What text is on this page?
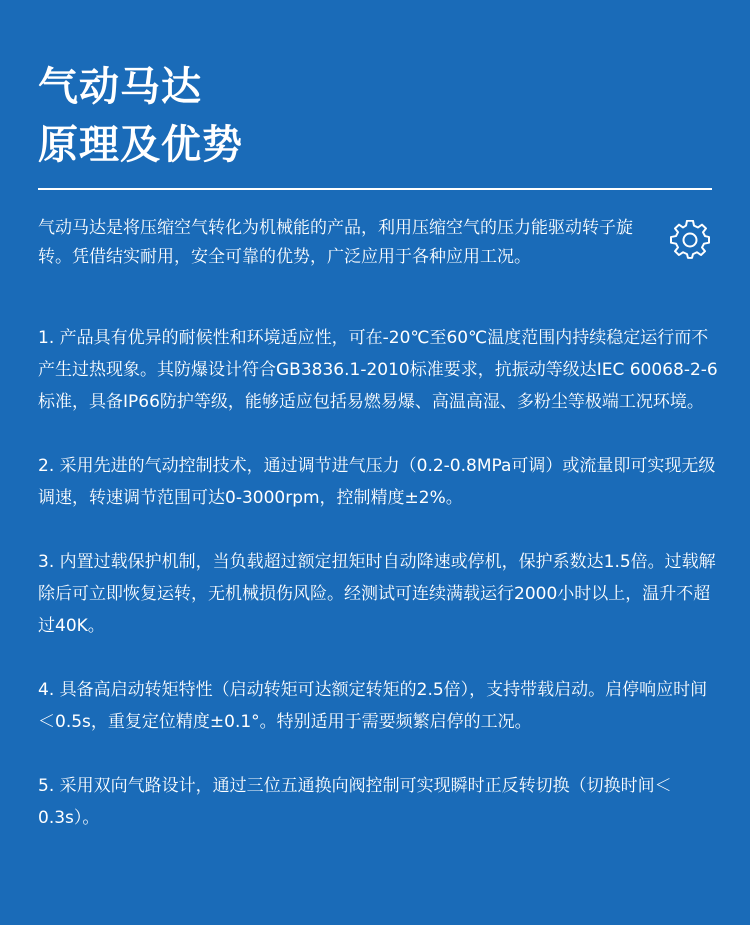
气动马达
原理及优势

气动马达是将压缩空气转化为机械能的产品，利用压缩空气的压力能驱动转子旋转。凭借结实耐用，安全可靠的优势，广泛应用于各种应用工况。

1. 产品具有优异的耐候性和环境适应性，可在-20℃至60℃温度范围内持续稳定运行而不产生过热现象。其防爆设计符合GB3836.1-2010标准要求，抗振动等级达IEC 60068-2-6标准，具备IP66防护等级，能够适应包括易燃易爆、高温高湿、多粉尘等极端工况环境。
2. 采用先进的气动控制技术，通过调节进气压力（0.2-0.8MPa可调）或流量即可实现无级调速，转速调节范围可达0-3000rpm，控制精度±2%。
3. 内置过载保护机制，当负载超过额定扭矩时自动降速或停机，保护系数达1.5倍。过载解除后可立即恢复运转，无机械损伤风险。经测试可连续满载运行2000小时以上，温升不超过40K。
4. 具备高启动转矩特性（启动转矩可达额定转矩的2.5倍），支持带载启动。启停响应时间＜0.5s，重复定位精度±0.1°。特别适用于需要频繁启停的工况。
5. 采用双向气路设计，通过三位五通换向阀控制可实现瞬时正反转切换（切换时间＜0.3s）。
